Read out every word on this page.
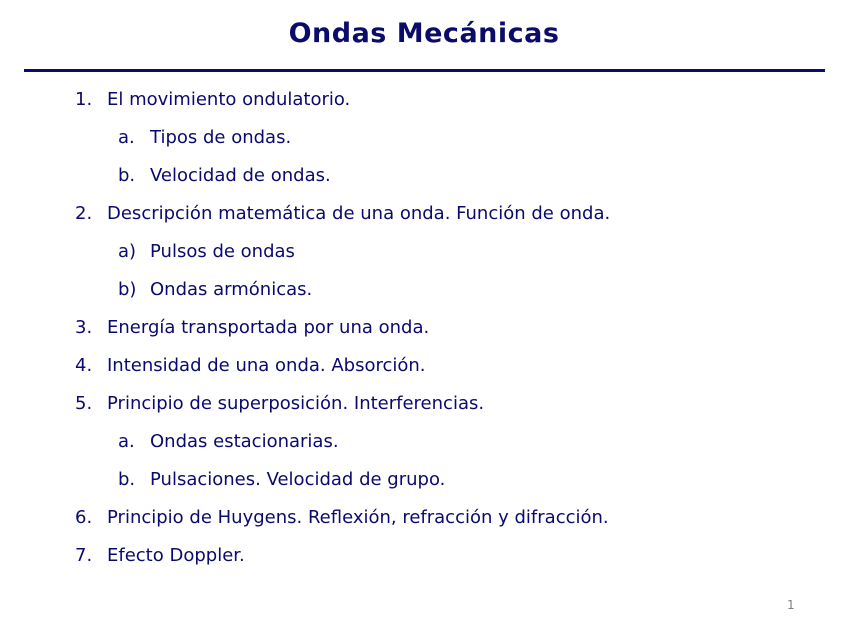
Ondas Mecánicas
1. El movimiento ondulatorio.
a. Tipos de ondas.
b. Velocidad de ondas.
2. Descripción matemática de una onda. Función de onda.
a) Pulsos de ondas
b) Ondas armónicas.
3. Energía transportada por una onda.
4. Intensidad de una onda. Absorción.
5. Principio de superposición. Interferencias.
a. Ondas estacionarias.
b. Pulsaciones. Velocidad de grupo.
6. Principio de Huygens. Reflexión, refracción y difracción.
7. Efecto Doppler.
1
